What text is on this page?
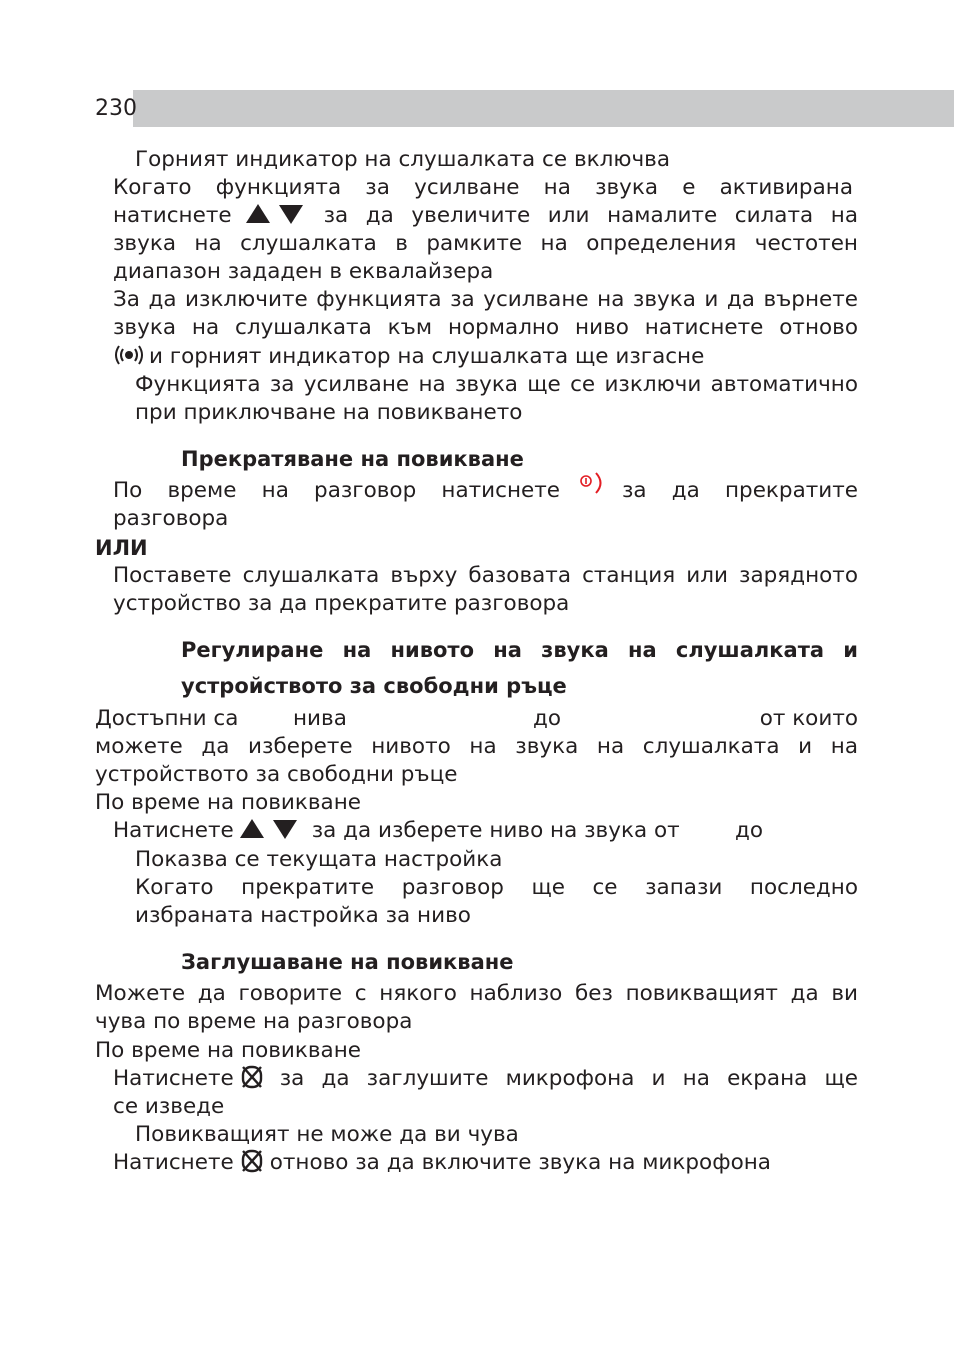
230
Горният индикатор на слушалката се включва
Когато функцията за усилване на звука е активирана
натиснете	за да увеличите или намалите силата на
звука на слушалката в рамките на определения честотен
диапазон зададен в еквалайзера
За да изключите функцията за усилване на звука и да върнете
звука на слушалката към нормално ниво натиснете отново
и горният индикатор на слушалката ще изгасне
Функцията за усилване на звука ще се изключи автоматично
при приключване на повикването
Прекратяване на повикване
По време на разговор натиснете	за да прекратите
разговора
ИЛИ
Поставете слушалката върху базовата станция или зарядното
устройство за да прекратите разговора
Регулиране на нивото на звука на слушалката и
устройството за свободни ръце
Достъпни са	нива	до	от които
можете да изберете нивото на звука на слушалката и на
устройството за свободни ръце
По време на повикване
Натиснете	за да изберете ниво на звука от	до
Показва се текущата настройка
Когато прекратите разговор ще се запази последно
избраната настройка за ниво
Заглушаване на повикване
Можете да говорите с някого наблизо без повикващият да ви
чува по време на разговора
По време на повикване
Натиснете за да заглушите микрофона и на екрана ще
се изведе
Повикващият не може да ви чува
Натиснете отново за да включите звука на микрофона
